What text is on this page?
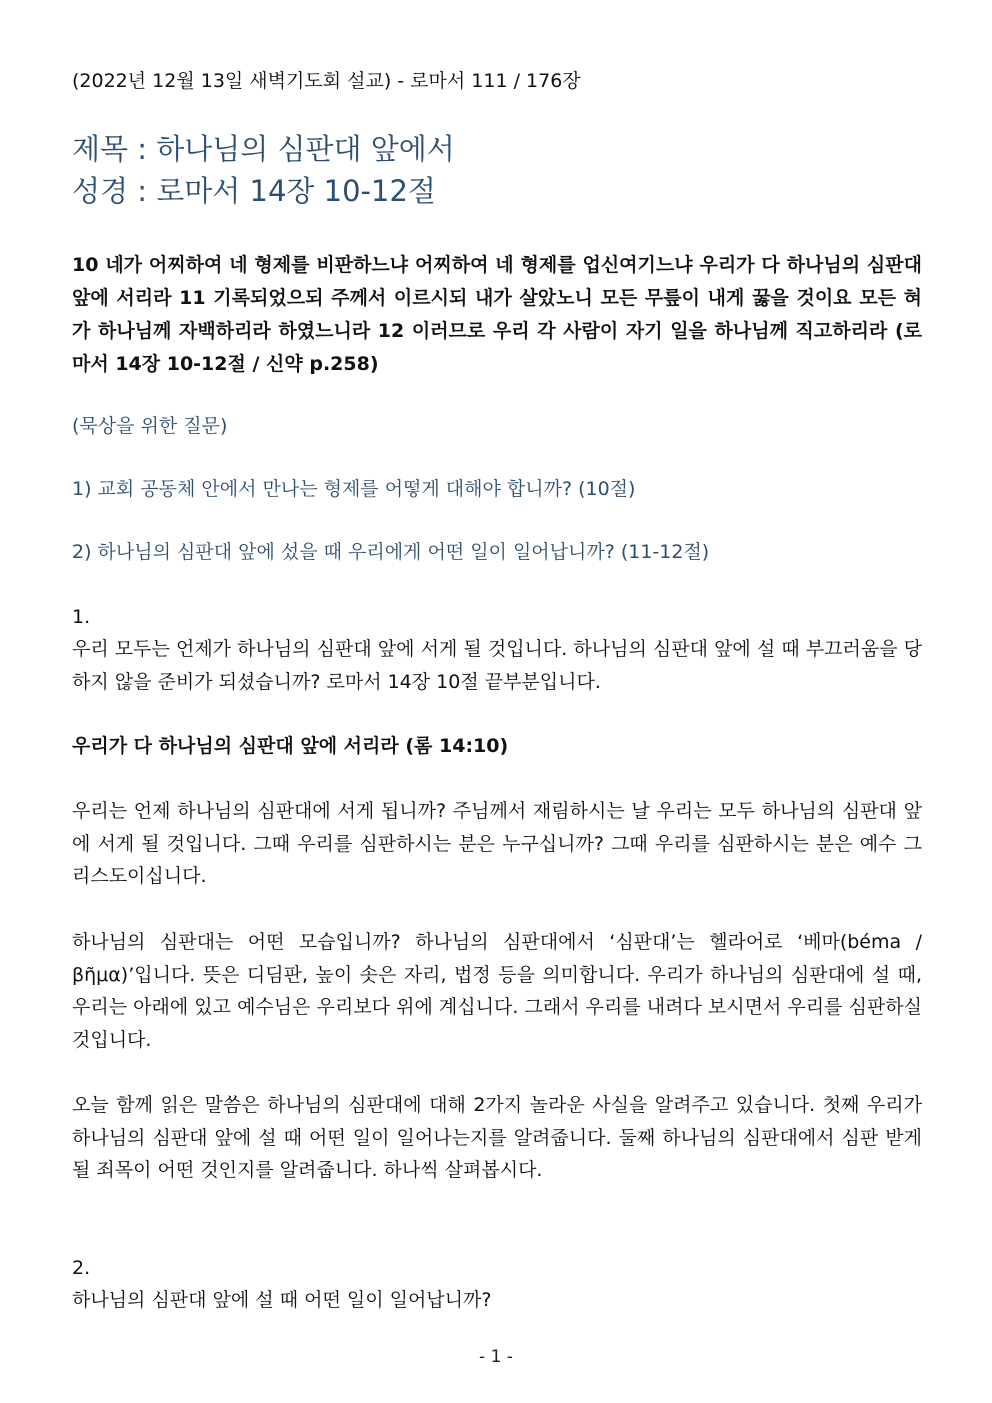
(2022년 12월 13일 새벽기도회 설교) - 로마서 111 / 176장
제목 : 하나님의 심판대 앞에서
성경 : 로마서 14장 10-12절
10 네가 어찌하여 네 형제를 비판하느냐 어찌하여 네 형제를 업신여기느냐 우리가 다 하나님의 심판대 앞에 서리라 11 기록되었으되 주께서 이르시되 내가 살았노니 모든 무릎이 내게 꿇을 것이요 모든 혀가 하나님께 자백하리라 하였느니라 12 이러므로 우리 각 사람이 자기 일을 하나님께 직고하리라 (로마서 14장 10-12절 / 신약 p.258)
(묵상을 위한 질문)
1) 교회 공동체 안에서 만나는 형제를 어떻게 대해야 합니까? (10절)
2) 하나님의 심판대 앞에 섰을 때 우리에게 어떤 일이 일어납니까? (11-12절)
1.
우리 모두는 언제가 하나님의 심판대 앞에 서게 될 것입니다. 하나님의 심판대 앞에 설 때 부끄러움을 당하지 않을 준비가 되셨습니까? 로마서 14장 10절 끝부분입니다.
우리가 다 하나님의 심판대 앞에 서리라 (롬 14:10)
우리는 언제 하나님의 심판대에 서게 됩니까? 주님께서 재림하시는 날 우리는 모두 하나님의 심판대 앞에 서게 될 것입니다. 그때 우리를 심판하시는 분은 누구십니까? 그때 우리를 심판하시는 분은 예수 그리스도이십니다.
하나님의 심판대는 어떤 모습입니까? 하나님의 심판대에서 ‘심판대’는 헬라어로 ‘베마(béma / βῆμα)’입니다. 뜻은 디딤판, 높이 솟은 자리, 법정 등을 의미합니다. 우리가 하나님의 심판대에 설 때, 우리는 아래에 있고 예수님은 우리보다 위에 계십니다. 그래서 우리를 내려다 보시면서 우리를 심판하실 것입니다.
오늘 함께 읽은 말씀은 하나님의 심판대에 대해 2가지 놀라운 사실을 알려주고 있습니다. 첫째 우리가 하나님의 심판대 앞에 설 때 어떤 일이 일어나는지를 알려줍니다. 둘째 하나님의 심판대에서 심판 받게 될 죄목이 어떤 것인지를 알려줍니다. 하나씩 살펴봅시다.
2.
하나님의 심판대 앞에 설 때 어떤 일이 일어납니까?
- 1 -
